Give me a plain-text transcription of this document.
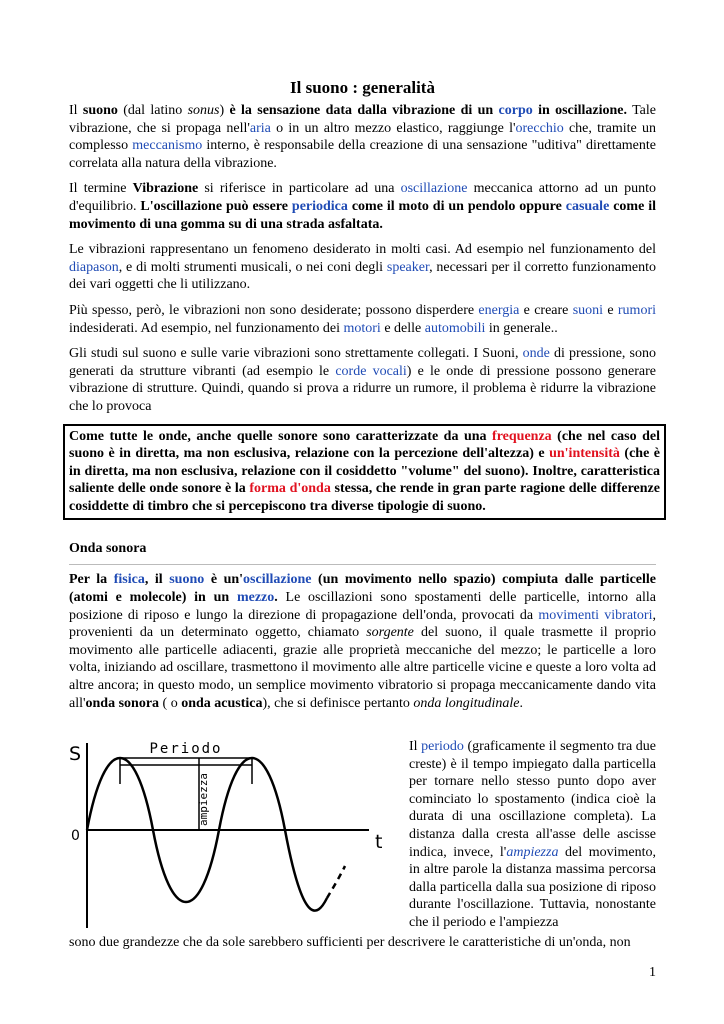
Il suono : generalità

Il suono (dal latino sonus) è la sensazione data dalla vibrazione di un corpo in oscillazione. Tale vibrazione, che si propaga nell'aria o in un altro mezzo elastico, raggiunge l'orecchio che, tramite un complesso meccanismo interno, è responsabile della creazione di una sensazione "uditiva" direttamente correlata alla natura della vibrazione.

Il termine Vibrazione si riferisce in particolare ad una oscillazione meccanica attorno ad un punto d'equilibrio. L'oscillazione può essere periodica come il moto di un pendolo oppure casuale come il movimento di una gomma su di una strada asfaltata.

Le vibrazioni rappresentano un fenomeno desiderato in molti casi. Ad esempio nel funzionamento del diapason, e di molti strumenti musicali, o nei coni degli speaker, necessari per il corretto funzionamento dei vari oggetti che li utilizzano.

Più spesso, però, le vibrazioni non sono desiderate; possono disperdere energia e creare suoni e rumori indesiderati. Ad esempio, nel funzionamento dei motori e delle automobili in generale..

Gli studi sul suono e sulle varie vibrazioni sono strettamente collegati. I Suoni, onde di pressione, sono generati da strutture vibranti (ad esempio le corde vocali) e le onde di pressione possono generare vibrazione di strutture. Quindi, quando si prova a ridurre un rumore, il problema è ridurre la vibrazione che lo provoca

Come tutte le onde, anche quelle sonore sono caratterizzate da una frequenza (che nel caso del suono è in diretta, ma non esclusiva, relazione con la percezione dell'altezza) e un'intensità (che è in diretta, ma non esclusiva, relazione con il cosiddetto "volume" del suono). Inoltre, caratteristica saliente delle onde sonore è la forma d'onda stessa, che rende in gran parte ragione delle differenze cosiddette di timbro che si percepiscono tra diverse tipologie di suono.

Onda sonora

Per la fisica, il suono è un'oscillazione (un movimento nello spazio) compiuta dalle particelle (atomi e molecole) in un mezzo. Le oscillazioni sono spostamenti delle particelle, intorno alla posizione di riposo e lungo la direzione di propagazione dell'onda, provocati da movimenti vibratori, provenienti da un determinato oggetto, chiamato sorgente del suono, il quale trasmette il proprio movimento alle particelle adiacenti, grazie alle proprietà meccaniche del mezzo; le particelle a loro volta, iniziando ad oscillare, trasmettono il movimento alle altre particelle vicine e queste a loro volta ad altre ancora; in questo modo, un semplice movimento vibratorio si propaga meccanicamente dando vita all'onda sonora ( o onda acustica), che si definisce pertanto onda longitudinale.

S
t
0
Periodo
ampiezza

Il periodo (graficamente il segmento tra due creste) è il tempo impiegato dalla particella per tornare nello stesso punto dopo aver cominciato lo spostamento (indica cioè la durata di una oscillazione completa). La distanza dalla cresta all'asse delle ascisse indica, invece, l'ampiezza del movimento, in altre parole la distanza massima percorsa dalla particella dalla sua posizione di riposo durante l'oscillazione. Tuttavia, nonostante che il periodo e l'ampiezza

sono due grandezze che da sole sarebbero sufficienti per descrivere le caratteristiche di un'onda, non

1
